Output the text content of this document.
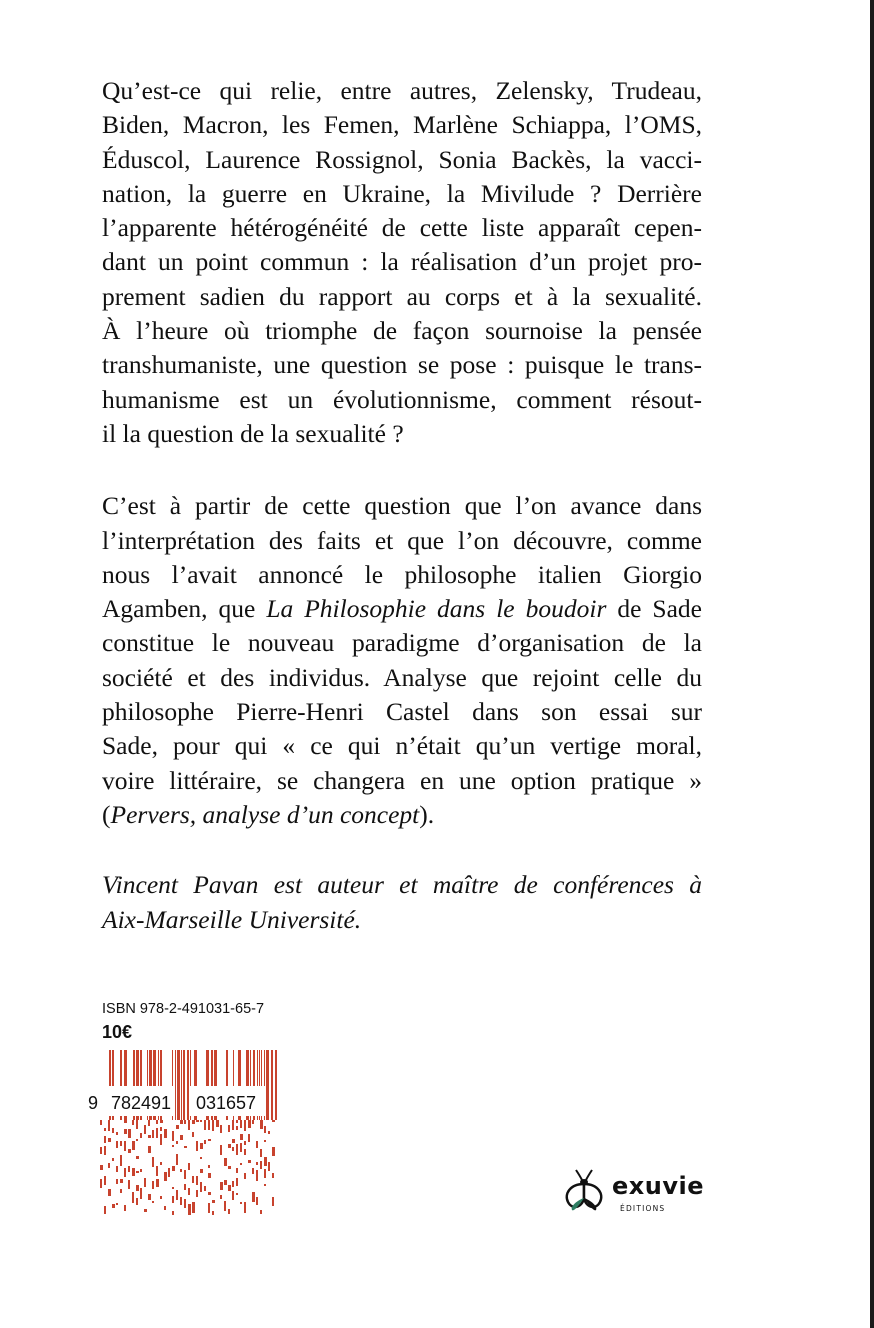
Qu’est-ce qui relie, entre autres, Zelensky, Trudeau,
Biden, Macron, les Femen, Marlène Schiappa, l’OMS,
Éduscol, Laurence Rossignol, Sonia Backès, la vacci-
nation, la guerre en Ukraine, la Mivilude ? Derrière
l’apparente hétérogénéité de cette liste apparaît cepen-
dant un point commun : la réalisation d’un projet pro-
prement sadien du rapport au corps et à la sexualité.
À l’heure où triomphe de façon sournoise la pensée
transhumaniste, une question se pose : puisque le trans-
humanisme est un évolutionnisme, comment résout-
il la question de la sexualité ?

C’est à partir de cette question que l’on avance dans
l’interprétation des faits et que l’on découvre, comme
nous l’avait annoncé le philosophe italien Giorgio
Agamben, que La Philosophie dans le boudoir de Sade
constitue le nouveau paradigme d’organisation de la
société et des individus. Analyse que rejoint celle du
philosophe Pierre-Henri Castel dans son essai sur
Sade, pour qui « ce qui n’était qu’un vertige moral,
voire littéraire, se changera en une option pratique »
(Pervers, analyse d’un concept).

Vincent Pavan est auteur et maître de conférences à
Aix-Marseille Université.

ISBN 978-2-491031-65-7
10€
9 782491 031657
exuvie
ÉDITIONS
